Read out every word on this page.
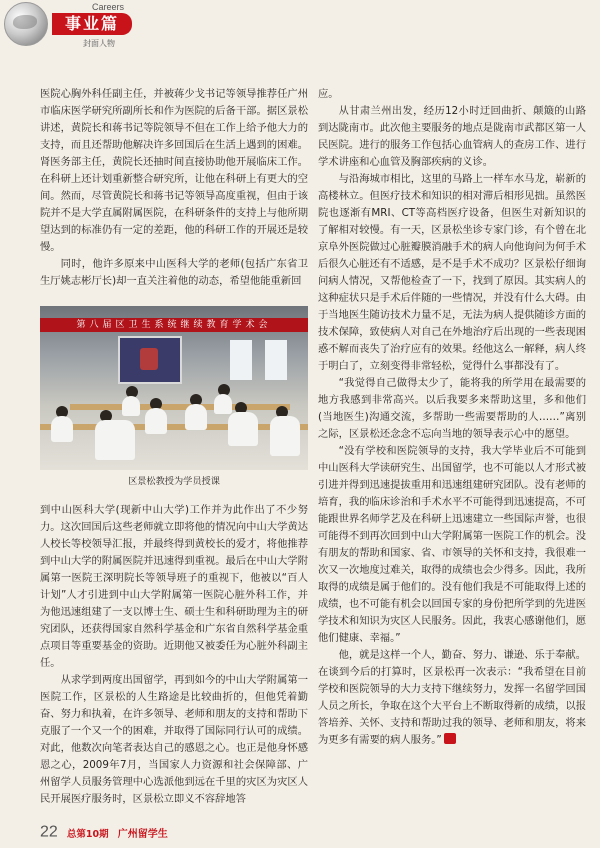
Careers
事业篇
封面人物

医院心胸外科任副主任，并被蒋少戈书记等领导推荐任广州市临床医学研究所副所长和作为医院的后备干部。据区景松讲述，黄院长和蒋书记等院领导不但在工作上给予他大力的支持，而且还帮助他解决许多回国后在生活上遇到的困难。肾医务部主任，黄院长还抽时间直接协助他开展临床工作。在科研上还计划重新整合研究所，让他在科研上有更大的空间。然而，尽管黄院长和蒋书记等领导高度重视，但由于该院并不是大学直属附属医院，在科研条件的支持上与他所期望达到的标准仍有一定的差距，他的科研工作的开展还是较慢。

同时，他许多原来中山医科大学的老师(包括广东省卫生厅姚志彬厅长)却一直关注着他的动态，希望他能重新回

第八届区卫生系统继续教育学术会
区景松教授为学员授课

到中山医科大学(现新中山大学)工作并为此作出了不少努力。这次回国后这些老师就立即将他的情况向中山大学黄达人校长等校领导汇报，并最终得到黄校长的爱才，将他推荐到中山大学的附属医院并迅速得到重视。最后在中山大学附属第一医院王深明院长等领导班子的重视下，他被以“百人计划”人才引进到中山大学附属第一医院心脏外科工作，并为他迅速组建了一支以博士生、硕士生和科研助理为主的研究团队，还获得国家自然科学基金和广东省自然科学基金重点项目等重要基金的资助。近期他又被委任为心脏外科副主任。

从求学到两度出国留学，再到如今的中山大学附属第一医院工作，区景松的人生路途是比较曲折的，但他凭着勤奋、努力和执着，在许多领导、老师和朋友的支持和帮助下克服了一个又一个的困难，并取得了国际同行认可的成绩。对此，他数次向笔者表达自己的感恩之心。也正是他身怀感恩之心，2009年7月，当国家人力资源和社会保障部、广州留学人员服务管理中心选派他到远在千里的灾区为灾区人民开展医疗服务时，区景松立即义不容辞地答

应。

从甘肃兰州出发，经历12小时迂回曲折、颠簸的山路到达陇南市。此次他主要服务的地点是陇南市武都区第一人民医院。进行的服务工作包括心血管病人的查房工作、进行学术讲座和心血管及胸部疾病的义诊。

与沿海城市相比，这里的马路上一样车水马龙，崭新的高楼林立。但医疗技术和知识的相对滞后相形见拙。虽然医院也逐渐有MRI、CT等高档医疗设备，但医生对新知识的了解相对较慢。有一天，区景松坐诊专家门诊，有个曾在北京阜外医院做过心脏瓣膜消融手术的病人向他询问为何手术后很久心脏还有不适感，是不是手术不成功？区景松仔细询问病人情况，又帮他检查了一下，找到了原因。其实病人的这种症状只是手术后伴随的一些情况，并没有什么大碍。由于当地医生随访技术力量不足，无法为病人提供随诊方面的技术保障，致使病人对自己在外地治疗后出现的一些表现困惑不解而丧失了治疗应有的效果。经他这么一解释，病人终于明白了，立刻变得非常轻松，觉得什么事都没有了。

“我觉得自己做得太少了，能将我的所学用在最需要的地方我感到非常高兴。以后我要多来帮助这里，多和他们(当地医生)沟通交流，多帮助一些需要帮助的人……”离别之际，区景松还念念不忘向当地的领导表示心中的愿望。

“没有学校和医院领导的支持，我大学毕业后不可能到中山医科大学读研究生、出国留学，也不可能以人才形式被引进并得到迅速提拔重用和迅速组建研究团队。没有老师的培育，我的临床诊治和手术水平不可能得到迅速提高，不可能跟世界名师学艺及在科研上迅速建立一些国际声誉，也很可能得不到再次回到中山大学附属第一医院工作的机会。没有朋友的帮助和国家、省、市领导的关怀和支持，我很难一次又一次地度过难关，取得的成绩也会少得多。因此，我所取得的成绩是属于他们的。没有他们我是不可能取得上述的成绩，也不可能有机会以回国专家的身份把所学到的先进医学技术和知识为灾区人民服务。因此，我衷心感谢他们，愿他们健康、幸福。”

他，就是这样一个人，勤奋、努力、谦逊、乐于奉献。在谈到今后的打算时，区景松再一次表示：“我希望在目前学校和医院领导的大力支持下继续努力，发挥一名留学回国人员之所长，争取在这个大平台上不断取得新的成绩，以报答培养、关怀、支持和帮助过我的领导、老师和朋友，将来为更多有需要的病人服务。”

22 总第10期 广州留学生
